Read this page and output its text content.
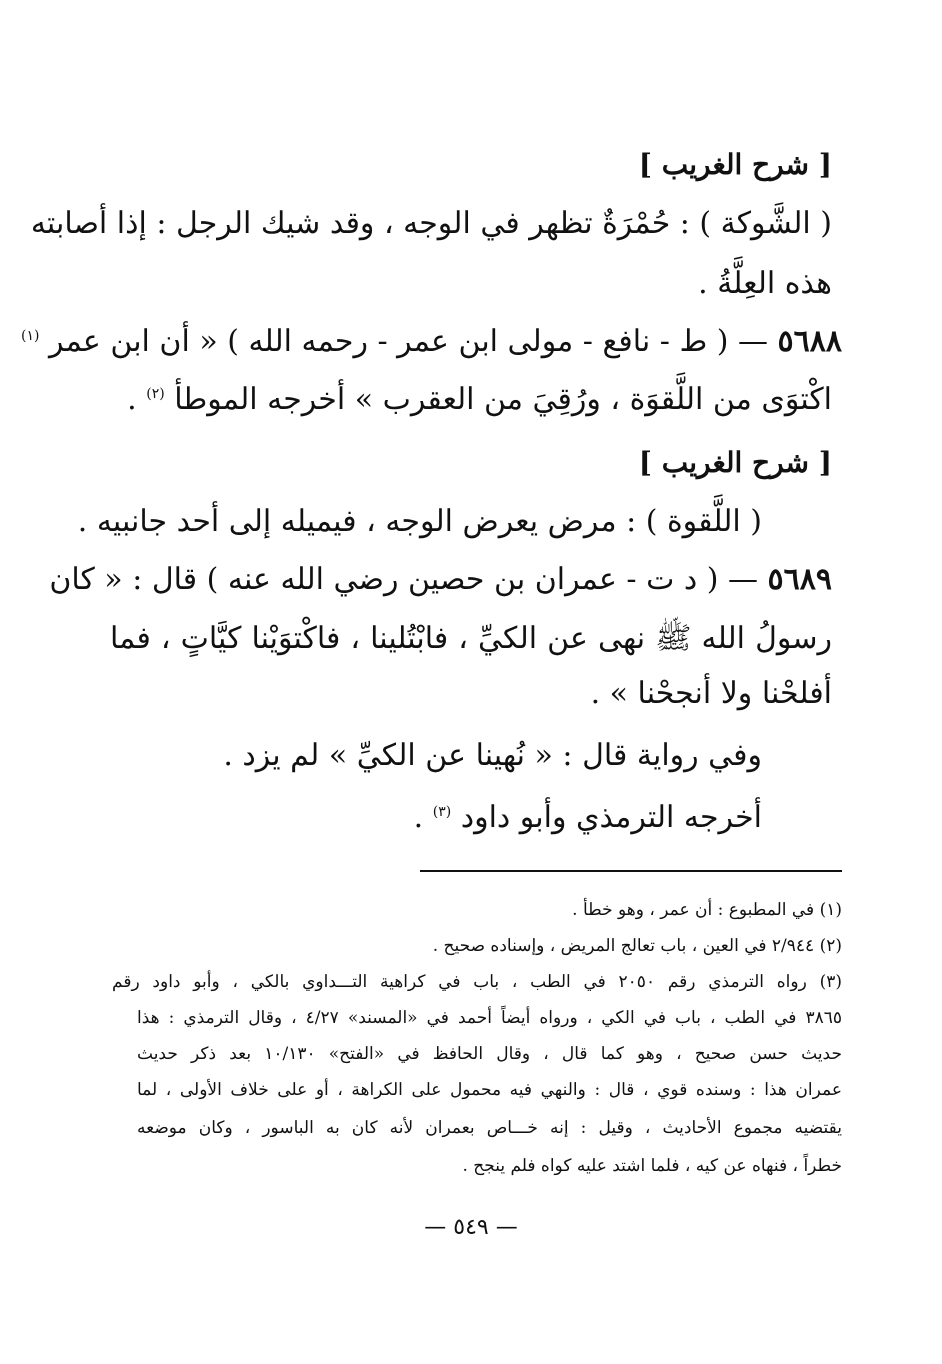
[ شرح الغريب ]
( الشَّوكة ) : حُمْرَةٌ تظهر في الوجه ، وقد شيك الرجل : إذا أصابته
هذه العِلَّةُ .
٥٦٨٨ — ( ط - نافع - مولى ابن عمر - رحمه الله ) « أن ابن عمر $^{(١)}$
اكْتوَى من اللَّقوَة ، ورُقِيَ من العقرب » أخرجه الموطأ $^{(٢)}$ .
[ شرح الغريب ]
( اللَّقوة ) : مرض يعرض الوجه ، فيميله إلى أحد جانبيه .
٥٦٨٩ — ( د ت - عمران بن حصين رضي الله عنه ) قال : « كان
رسولُ الله ﷺ نهى عن الكيِّ ، فابْتُلينا ، فاكْتوَيْنا كيَّاتٍ ، فما
أفلحْنا ولا أنجحْنا » .
وفي رواية قال : « نُهينا عن الكيِّ » لم يزد .
أخرجه الترمذي وأبو داود $^{(٣)}$ .
(١) في المطبوع : أن عمر ، وهو خطأ .
(٢) ٢/٩٤٤ في العين ، باب تعالج المريض ، وإسناده صحيح .
(٣) رواه الترمذي رقم ٢٠٥٠ في الطب ، باب في كراهية التـــداوي بالكي ، وأبو داود رقم
٣٨٦٥ في الطب ، باب في الكي ، ورواه أيضاً أحمد في «المسند» ٤/٢٧ ، وقال الترمذي : هذا
حديث حسن صحيح ، وهو كما قال ، وقال الحافظ في «الفتح» ١٠/١٣٠ بعد ذكر حديث
عمران هذا : وسنده قوي ، قال : والنهي فيه محمول على الكراهة ، أو على خلاف الأولى ، لما
يقتضيه مجموع الأحاديث ، وقيل : إنه خـــاص بعمران لأنه كان به الباسور ، وكان موضعه
خطراً ، فنهاه عن كيه ، فلما اشتد عليه كواه فلم ينجح .
— ٥٤٩ —
